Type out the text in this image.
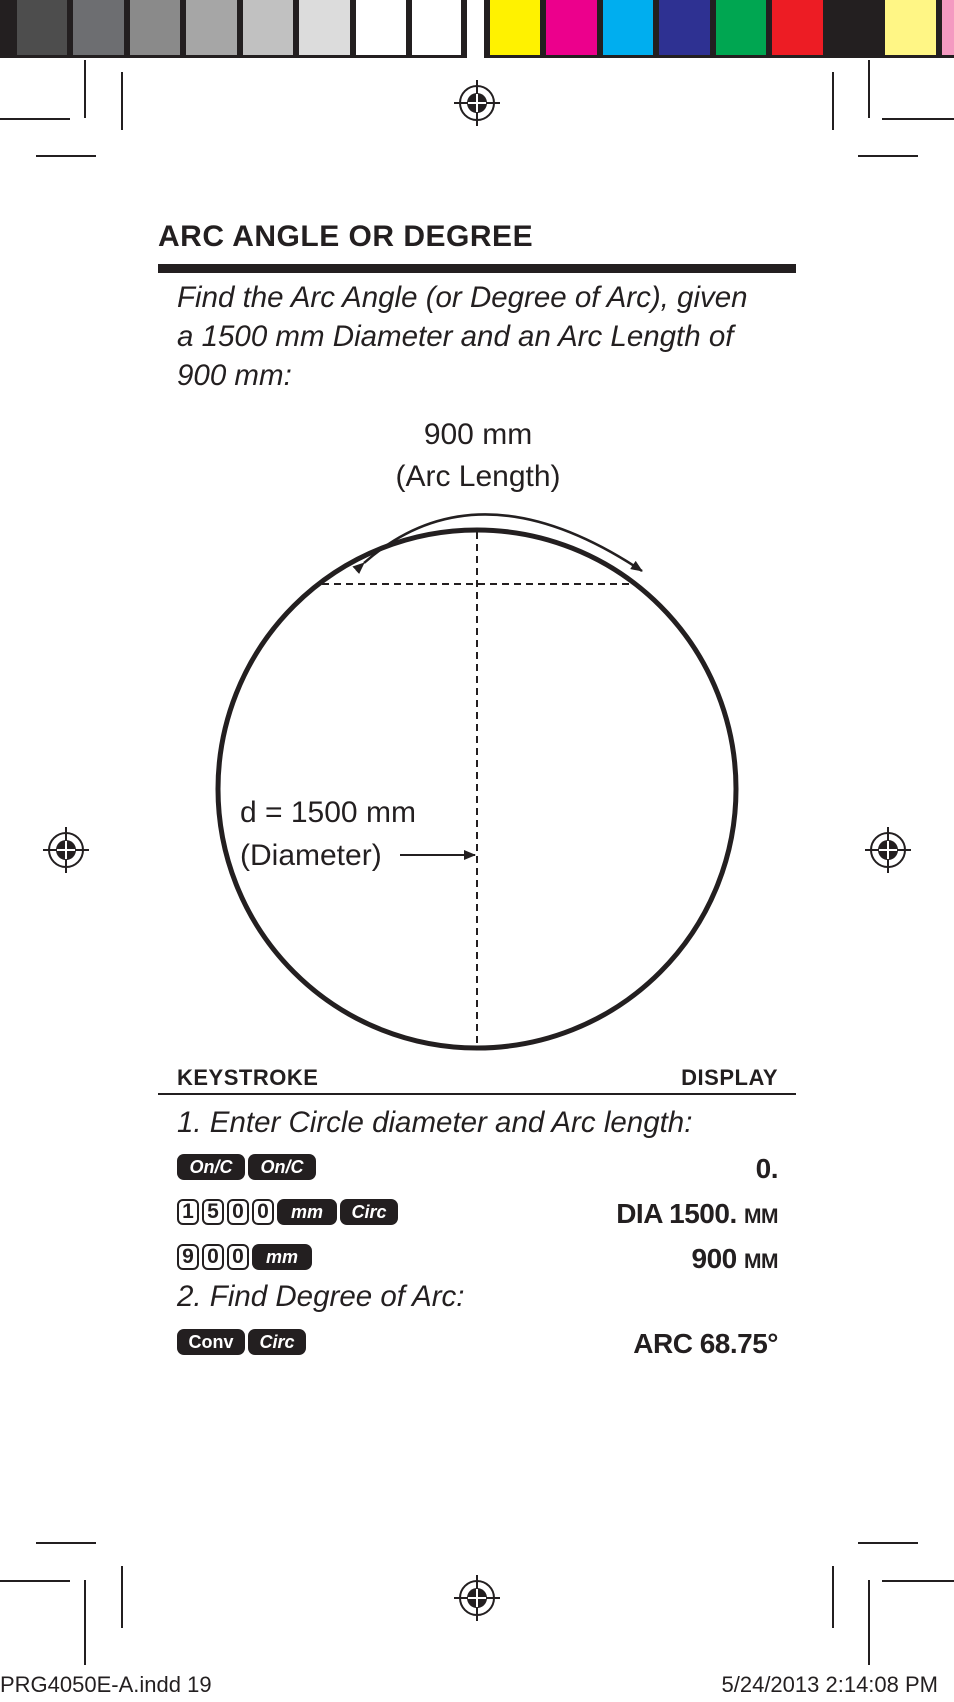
ARC ANGLE OR DEGREE
Find the Arc Angle (or Degree of Arc), given
a 1500 mm Diameter and an Arc Length of
900 mm:
900 mm
(Arc Length)
d = 1500 mm
(Diameter)
KEYSTROKE	DISPLAY
1. Enter Circle diameter and Arc length:
On/C	On/C	0.
1 5 0 0	mm	Circ	DIA 1500. MM
9 0 0	mm	900 MM
2. Find Degree of Arc:
Conv	Circ	ARC 68.75°
PRG4050E-A.indd 19	5/24/2013 2:14:08 PM
